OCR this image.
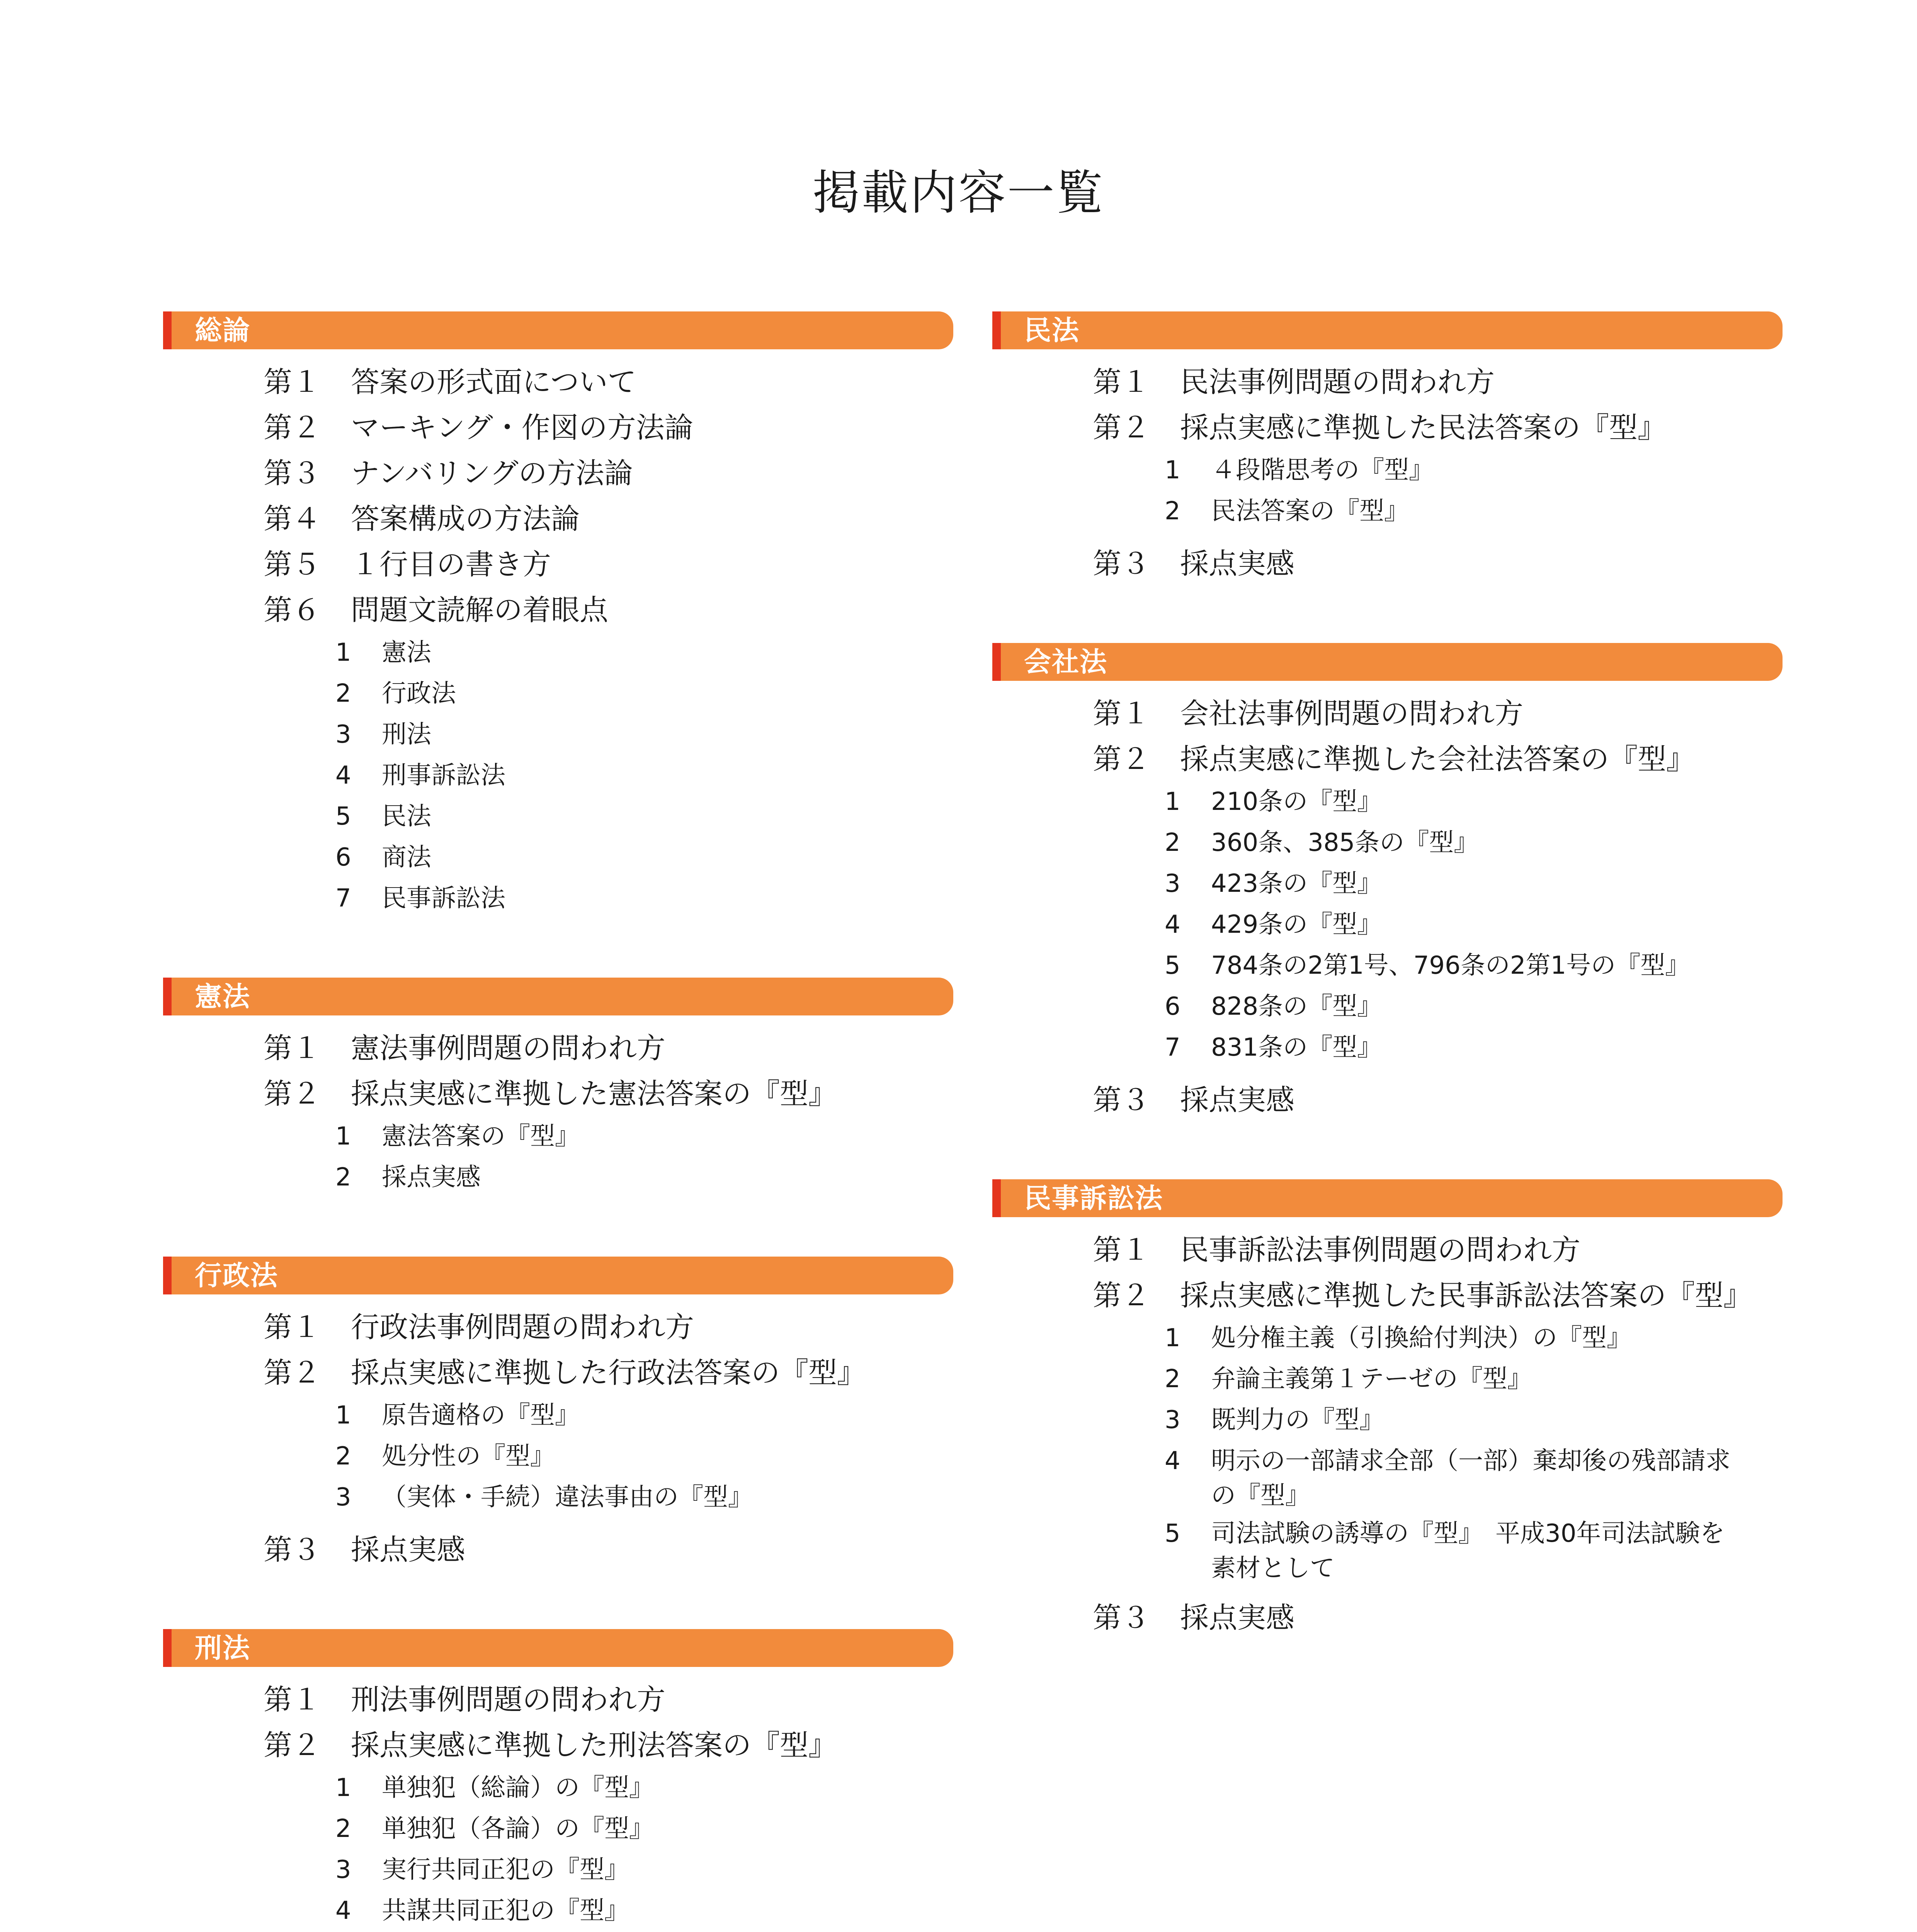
掲載内容一覧
総論
第１	答案の形式面について
第２	マーキング・作図の方法論
第３	ナンバリングの方法論
第４	答案構成の方法論
第５	１行目の書き方
第６	問題文読解の着眼点
1	憲法
2	行政法
3	刑法
4	刑事訴訟法
5	民法
6	商法
7	民事訴訟法
憲法
第１	憲法事例問題の問われ方
第２	採点実感に準拠した憲法答案の『型』
1	憲法答案の『型』
2	採点実感
行政法
第１	行政法事例問題の問われ方
第２	採点実感に準拠した行政法答案の『型』
1	原告適格の『型』
2	処分性の『型』
3	（実体・手続）違法事由の『型』
第３	採点実感
刑法
第１	刑法事例問題の問われ方
第２	採点実感に準拠した刑法答案の『型』
1	単独犯（総論）の『型』
2	単独犯（各論）の『型』
3	実行共同正犯の『型』
4	共謀共同正犯の『型』
民法
第１	民法事例問題の問われ方
第２	採点実感に準拠した民法答案の『型』
1	４段階思考の『型』
2	民法答案の『型』
第３	採点実感
会社法
第１	会社法事例問題の問われ方
第２	採点実感に準拠した会社法答案の『型』
1	210条の『型』
2	360条、385条の『型』
3	423条の『型』
4	429条の『型』
5	784条の2第1号、796条の2第1号の『型』
6	828条の『型』
7	831条の『型』
第３	採点実感
民事訴訟法
第１	民事訴訟法事例問題の問われ方
第２	採点実感に準拠した民事訴訟法答案の『型』
1	処分権主義（引換給付判決）の『型』
2	弁論主義第１テーゼの『型』
3	既判力の『型』
4	明示の一部請求全部（一部）棄却後の残部請求の『型』
5	司法試験の誘導の『型』　平成30年司法試験を素材として
第３	採点実感
